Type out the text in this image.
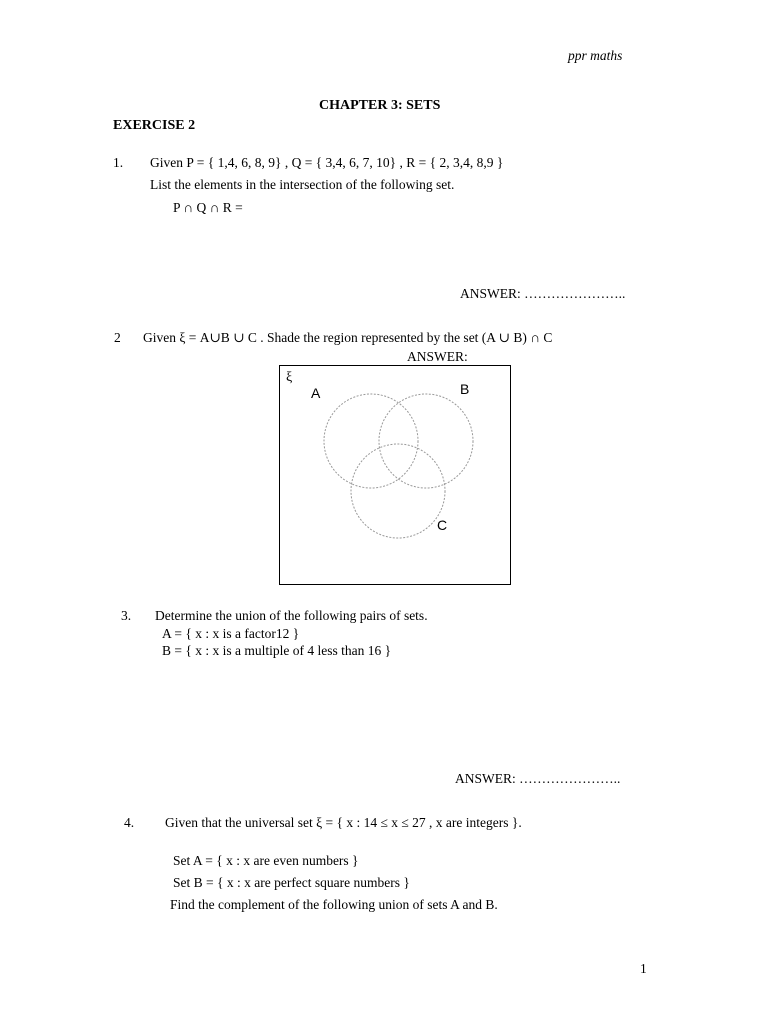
ppr maths
CHAPTER 3: SETS
EXERCISE 2
1. Given P = { 1,4, 6, 8, 9} , Q = { 3,4, 6, 7, 10} , R = { 2, 3,4, 8,9 }
List the elements in the intersection of the following set.
P ∩ Q ∩ R =
ANSWER: …………………..
2 Given ξ = A∪B ∪ C . Shade the region represented by the set (A ∪ B) ∩ C
ANSWER:
ξ
A	B
C
3. Determine the union of the following pairs of sets.
A = { x : x is a factor12 }
B = { x : x is a multiple of 4 less than 16 }
ANSWER: …………………..
4. Given that the universal set ξ = { x : 14 ≤ x ≤ 27 , x are integers }.
Set A = { x : x are even numbers }
Set B = { x : x are perfect square numbers }
Find the complement of the following union of sets A and B.
1
